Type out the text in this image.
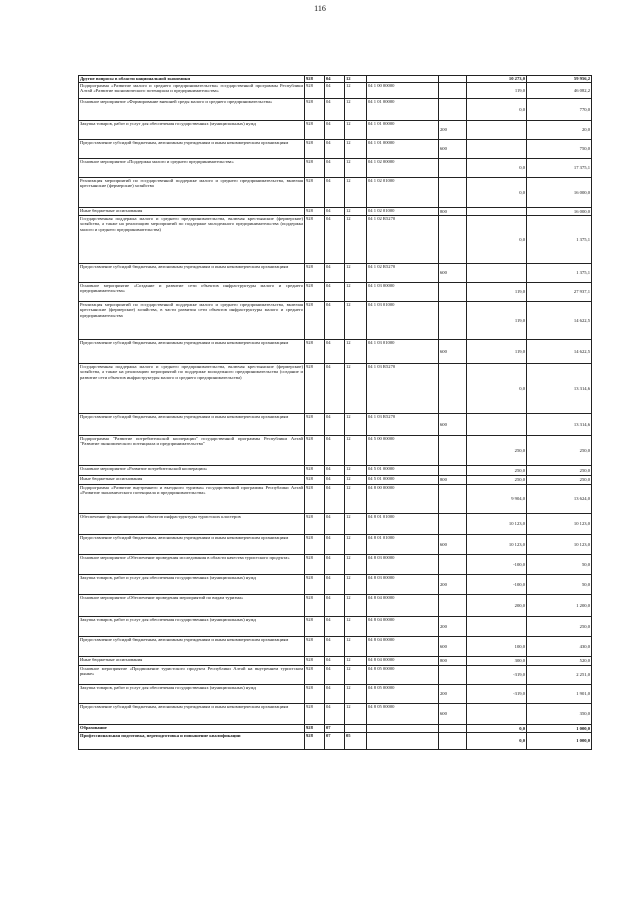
116
Другие вопросы в области национальной экономики	928	04	12			10 273,0	59 956,2
Подпрограмма «Развитие малого и среднего предпринимательства» государственной программы Республики Алтай «Развитие экономического потенциала и предпринимательства»	928	04	12	04 1 00 00000		119,0	46 082,2
Основное мероприятие «Формирование внешней среды малого и среднего предпринимательства»	928	04	12	04 1 01 00000		0,0	770,0
Закупка товаров, работ и услуг для обеспечения государственных (муниципальных) нужд	928	04	12	04 1 01 00000	200		20,0
Предоставление субсидий бюджетным, автономным учреждениям и иным некоммерческим организациям	928	04	12	04 1 01 00000	600		750,0
Основное мероприятие «Поддержка малого и среднего предпринимательства»	928	04	12	04 1 02 00000		0,0	17 375,1
Реализация мероприятий по государственной поддержке малого и среднего предпринимательства, включая крестьянские (фермерские) хозяйства	928	04	12	04 1 02 01000		0,0	16 000,0
Иные бюджетные ассигнования	928	04	12	04 1 02 01000	800		16 000,0
Государственная поддержка малого и среднего предпринимательства, включая крестьянские (фермерские) хозяйства, а также на реализацию мероприятий по поддержке молодежного предпринимательства (поддержка малого и среднего предпринимательства)	928	04	12	04 1 02 R5270		0,0	1 375,1
Предоставление субсидий бюджетным, автономным учреждениям и иным некоммерческим организациям	928	04	12	04 1 02 R5270	600		1 375,1
Основное мероприятие «Создание и развитие сети объектов инфраструктуры малого и среднего предпринимательства»	928	04	12	04 1 03 00000		119,0	27 937,1
Реализация мероприятий по государственной поддержке малого и среднего предпринимательства, включая крестьянские (фермерские) хозяйства, в части развития сети объектов инфраструктуры малого и среднего предпринимательства	928	04	12	04 1 03 01000		119,0	14 622,5
Предоставление субсидий бюджетным, автономным учреждениям и иным некоммерческим организациям	928	04	12	04 1 03 01000	600	119,0	14 622,5
Государственная поддержка малого и среднего предпринимательства, включая крестьянские (фермерские) хозяйства, а также на реализацию мероприятий по поддержке молодежного предпринимательства (создание и развитие сети объектов инфраструктуры малого и среднего предпринимательства)	928	04	12	04 1 03 R5270		0,0	13 314,6
Предоставление субсидий бюджетным, автономным учреждениям и иным некоммерческим организациям	928	04	12	04 1 03 R5270	600		13 314,6
Подпрограмма "Развитие потребительской кооперации" государственной программы Республики Алтай "Развитие экономического потенциала и предпринимательства"	928	04	12	04 5 00 00000		250,0	250,0
Основное мероприятие «Развитие потребительской кооперации»	928	04	12	04 5 01 00000		250,0	250,0
Иные бюджетные ассигнования	928	04	12	04 5 01 00000	800	250,0	250,0
Подпрограмма «Развитие внутреннего и въездного туризма» государственной программы Республики Алтай «Развитие экономического потенциала и предпринимательства»	928	04	12	04 8 00 00000		9 904,0	13 624,0
Обеспечение функционирования объектов инфраструктуры туристских кластеров	928	04	12	04 8 01 01000		10 123,0	10 123,0
Предоставление субсидий бюджетным, автономным учреждениям и иным некоммерческим организациям	928	04	12	04 8 01 01000	600	10 123,0	10 123,0
Основное мероприятие «Обеспечение проведения исследования в области качества туристского продукта»	928	04	12	04 8 03 00000		-100,0	50,0
Закупка товаров, работ и услуг для обеспечения государственных (муниципальных) нужд	928	04	12	04 8 03 00000	200	-100,0	50,0
Основное мероприятие «Обеспечение проведения мероприятий по видам туризма»	928	04	12	04 8 04 00000		200,0	1 200,0
Закупка товаров, работ и услуг для обеспечения государственных (муниципальных) нужд	928	04	12	04 8 04 00000	200		250,0
Предоставление субсидий бюджетным, автономным учреждениям и иным некоммерческим организациям	928	04	12	04 8 04 00000	600	100,0	430,0
Иные бюджетные ассигнования	928	04	12	04 8 04 00000	800	300,0	520,0
Основное мероприятие «Продвижение туристского продукта Республики Алтай на внутреннем туристском рынке»	928	04	12	04 8 05 00000		-319,0	2 251,0
Закупка товаров, работ и услуг для обеспечения государственных (муниципальных) нужд	928	04	12	04 8 05 00000	200	-319,0	1 901,0
Предоставление субсидий бюджетным, автономным учреждениям и иным некоммерческим организациям	928	04	12	04 8 05 00000	600		350,0
Образование	928	07				0,0	1 000,0
Профессиональная подготовка, переподготовка и повышение квалификации	928	07	05			0,0	1 000,0
